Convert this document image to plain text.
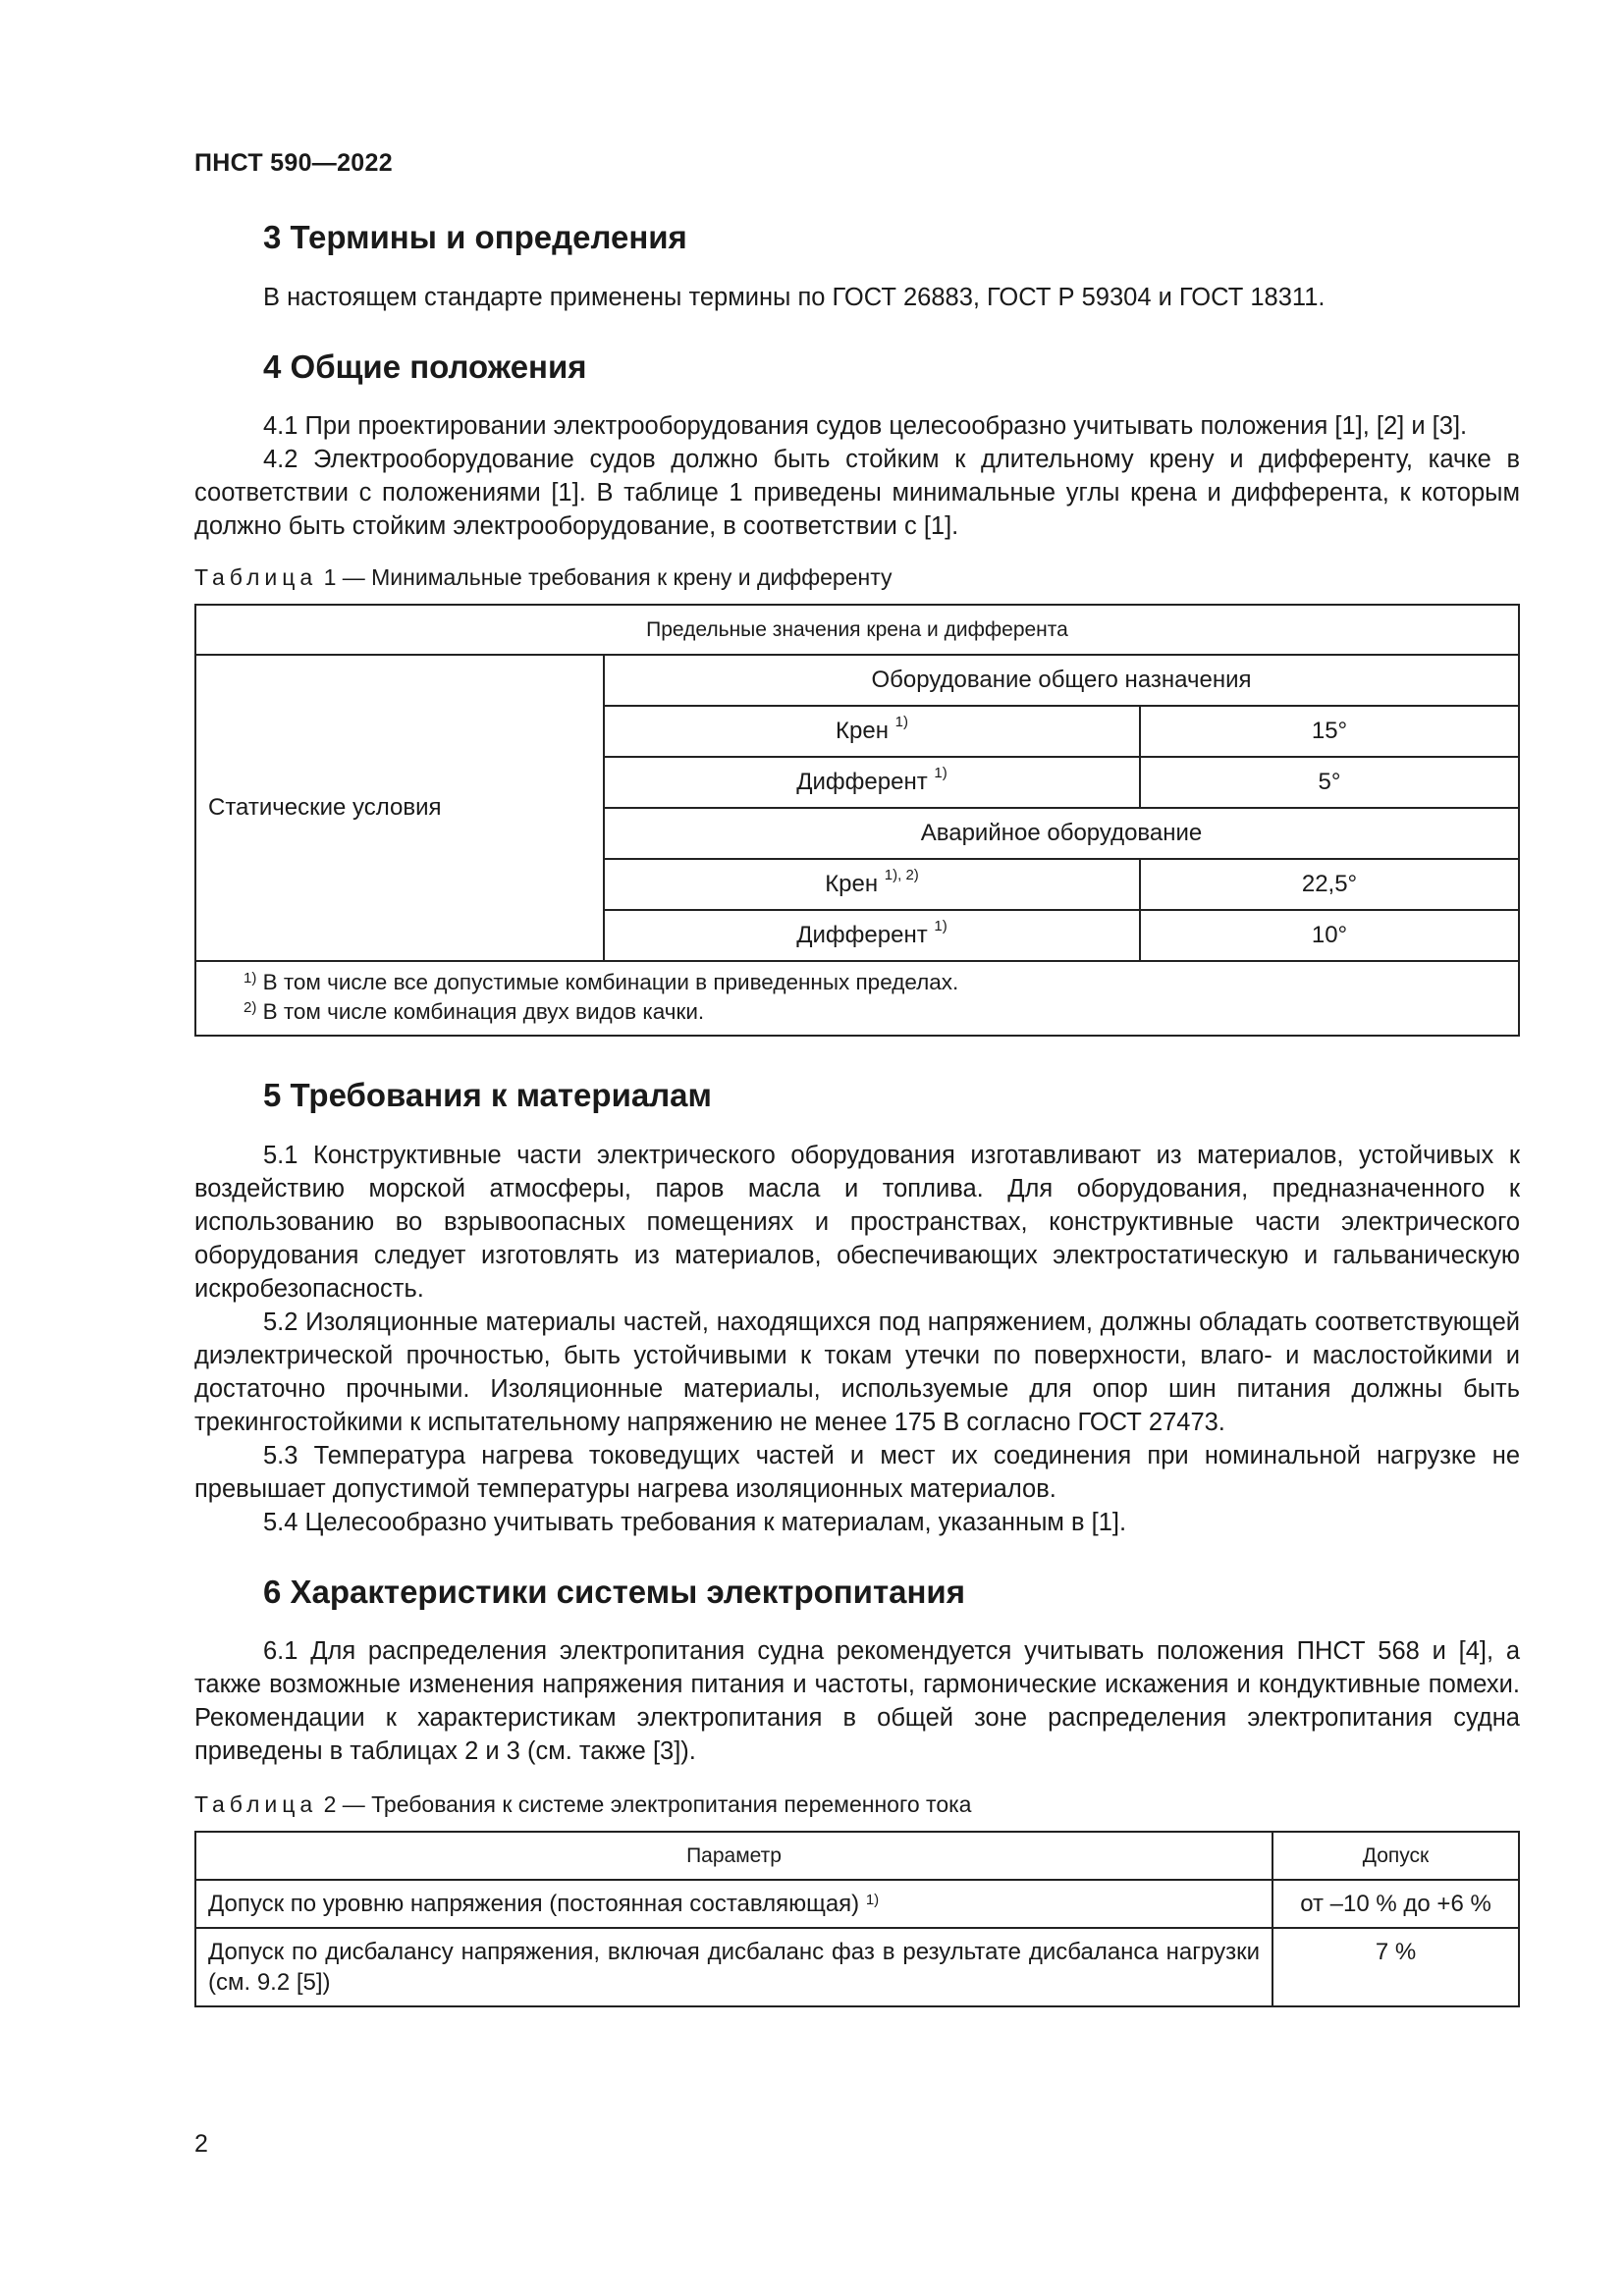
ПНСТ 590—2022
3 Термины и определения

В настоящем стандарте применены термины по ГОСТ 26883, ГОСТ Р 59304 и ГОСТ 18311.

4 Общие положения

4.1 При проектировании электрооборудования судов целесообразно учитывать положения [1], [2] и [3].

4.2 Электрооборудование судов должно быть стойким к длительному крену и дифференту, качке в соответствии с положениями [1]. В таблице 1 приведены минимальные углы крена и дифферента, к которым должно быть стойким электрооборудование, в соответствии с [1].

Таблица 1 — Минимальные требования к крену и дифференту
Предельные значения крена и дифферента		
Статические условия	Оборудование общего назначения	
	Крен $^{1)}$	15°
	Дифферент $^{1)}$	5°
	Аварийное оборудование	
	Крен $^{1), 2)}$	22,5°
	Дифферент $^{1)}$	10°

$^{1)}$ В том числе все допустимые комбинации в приведенных пределах.
$^{2)}$ В том числе комбинация двух видов качки.		
5 Требования к материалам

5.1 Конструктивные части электрического оборудования изготавливают из материалов, устойчивых к воздействию морской атмосферы, паров масла и топлива. Для оборудования, предназначенного к использованию во взрывоопасных помещениях и пространствах, конструктивные части электрического оборудования следует изготовлять из материалов, обеспечивающих электростатическую и гальваническую искробезопасность.

5.2 Изоляционные материалы частей, находящихся под напряжением, должны обладать соответствующей диэлектрической прочностью, быть устойчивыми к токам утечки по поверхности, влаго- и маслостойкими и достаточно прочными. Изоляционные материалы, используемые для опор шин питания должны быть трекингостойкими к испытательному напряжению не менее 175 В согласно ГОСТ 27473.

5.3 Температура нагрева токоведущих частей и мест их соединения при номинальной нагрузке не превышает допустимой температуры нагрева изоляционных материалов.

5.4 Целесообразно учитывать требования к материалам, указанным в [1].

6 Характеристики системы электропитания

6.1 Для распределения электропитания судна рекомендуется учитывать положения ПНСТ 568 и [4], а также возможные изменения напряжения питания и частоты, гармонические искажения и кондуктивные помехи. Рекомендации к характеристикам электропитания в общей зоне распределения электропитания судна приведены в таблицах 2 и 3 (см. также [3]).

Таблица 2 — Требования к системе электропитания переменного тока
Параметр	Допуск
Допуск по уровню напряжения (постоянная составляющая) $^{1)}$	от –10 % до +6 %
Допуск по дисбалансу напряжения, включая дисбаланс фаз в результате дисбаланса нагрузки (см. 9.2 [5])	7 %
2
